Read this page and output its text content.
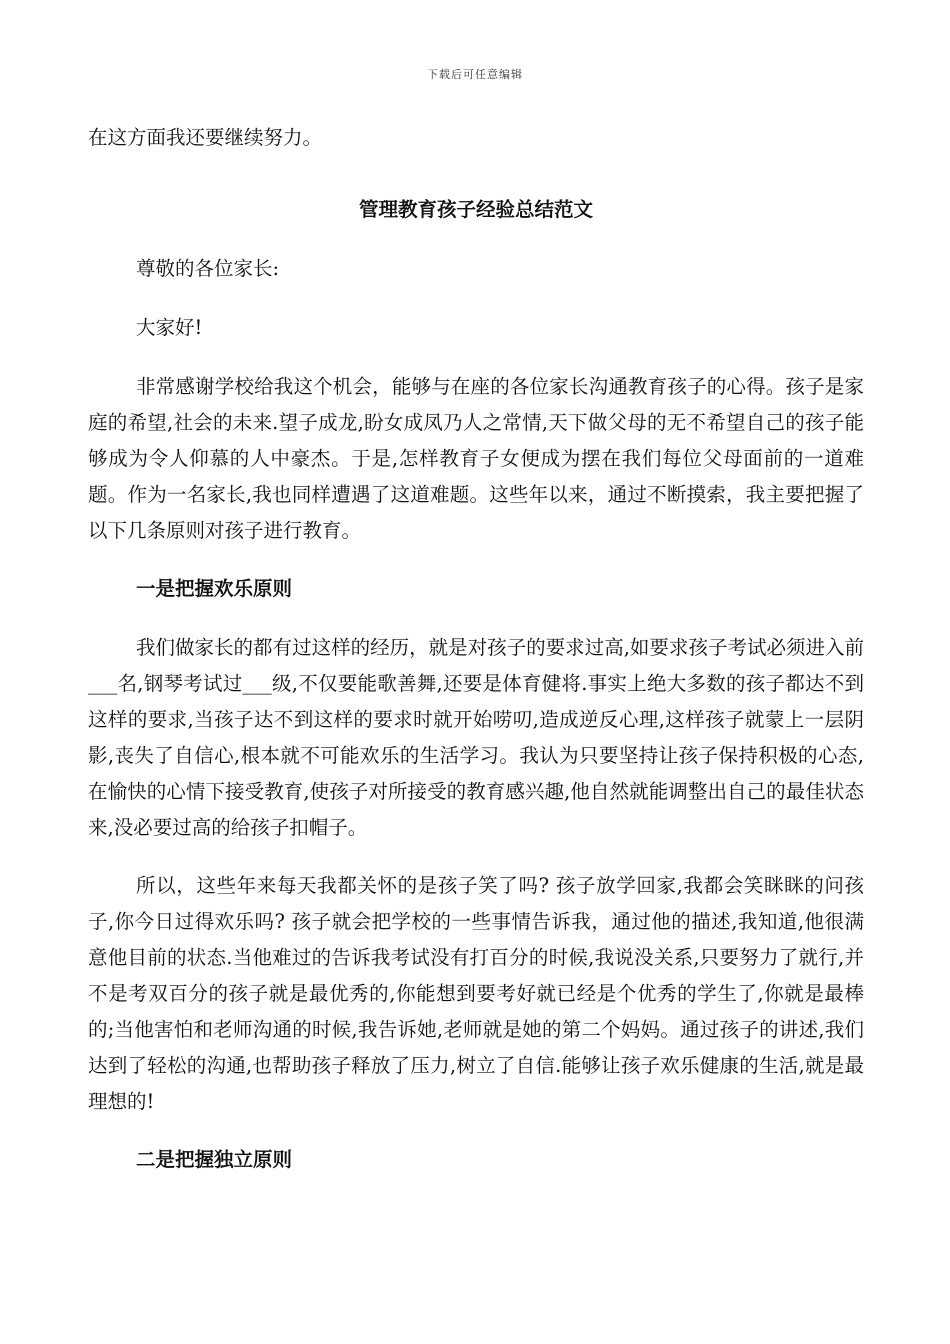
下载后可任意编辑

在这方面我还要继续努力。

管理教育孩子经验总结范文

尊敬的各位家长:

大家好!

非常感谢学校给我这个机会，能够与在座的各位家长沟通教育孩子的心得。孩子是家庭的希望,社会的未来.望子成龙,盼女成凤乃人之常情,天下做父母的无不希望自己的孩子能够成为令人仰慕的人中豪杰。于是,怎样教育子女便成为摆在我们每位父母面前的一道难题。作为一名家长,我也同样遭遇了这道难题。这些年以来，通过不断摸索，我主要把握了以下几条原则对孩子进行教育。

一是把握欢乐原则

我们做家长的都有过这样的经历，就是对孩子的要求过高,如要求孩子考试必须进入前___名,钢琴考试过___级,不仅要能歌善舞,还要是体育健将.事实上绝大多数的孩子都达不到这样的要求,当孩子达不到这样的要求时就开始唠叨,造成逆反心理,这样孩子就蒙上一层阴影,丧失了自信心,根本就不可能欢乐的生活学习。我认为只要坚持让孩子保持积极的心态,在愉快的心情下接受教育,使孩子对所接受的教育感兴趣,他自然就能调整出自己的最佳状态来,没必要过高的给孩子扣帽子。

所以，这些年来每天我都关怀的是孩子笑了吗? 孩子放学回家,我都会笑眯眯的问孩子,你今日过得欢乐吗? 孩子就会把学校的一些事情告诉我，通过他的描述,我知道,他很满意他目前的状态.当他难过的告诉我考试没有打百分的时候,我说没关系,只要努力了就行,并不是考双百分的孩子就是最优秀的,你能想到要考好就已经是个优秀的学生了,你就是最棒的;当他害怕和老师沟通的时候,我告诉她,老师就是她的第二个妈妈。通过孩子的讲述,我们达到了轻松的沟通,也帮助孩子释放了压力,树立了自信.能够让孩子欢乐健康的生活,就是最理想的!

二是把握独立原则
